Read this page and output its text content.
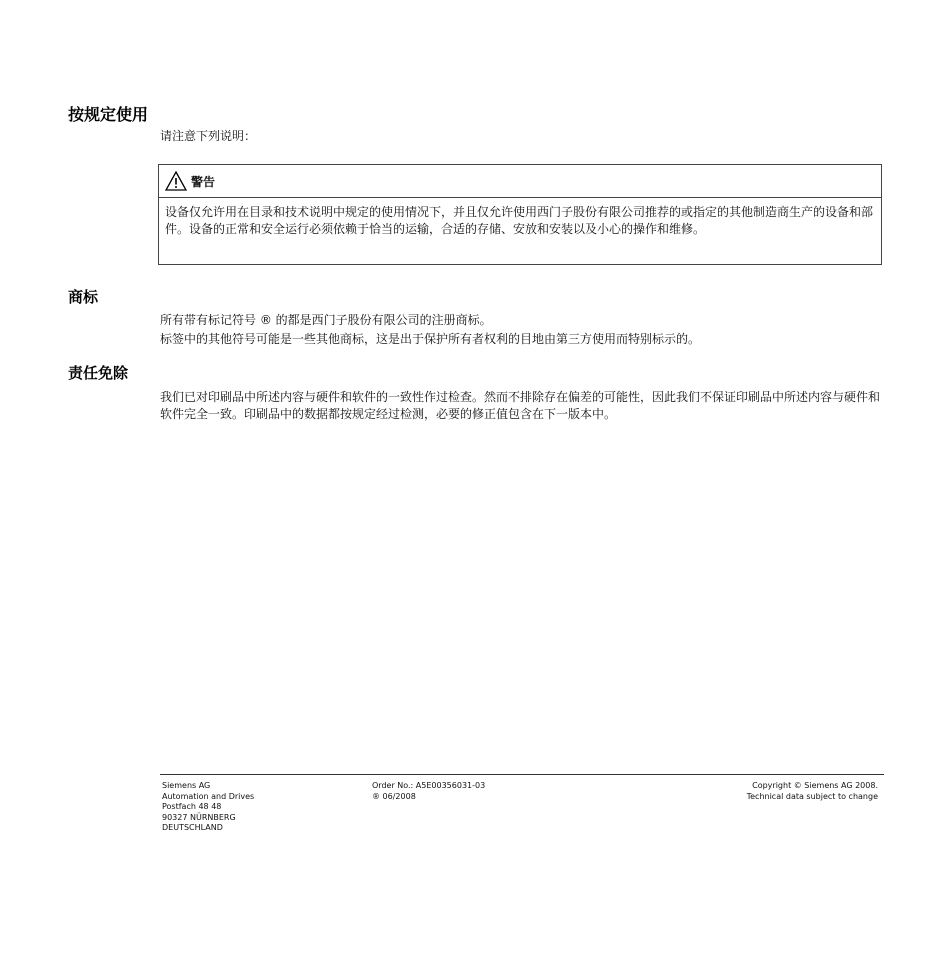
按规定使用

请注意下列说明：

警告
设备仅允许用在目录和技术说明中规定的使用情况下，并且仅允许使用西门子股份有限公司推荐的或指定的其他制造商生产的设备和部件。设备的正常和安全运行必须依赖于恰当的运输，合适的存储、安放和安装以及小心的操作和维修。
商标

所有带有标记符号 ® 的都是西门子股份有限公司的注册商标。

标签中的其他符号可能是一些其他商标，这是出于保护所有者权利的目地由第三方使用而特别标示的。

责任免除

我们已对印刷品中所述内容与硬件和软件的一致性作过检查。然而不排除存在偏差的可能性，因此我们不保证印刷品中所述内容与硬件和软件完全一致。印刷品中的数据都按规定经过检测，必要的修正值包含在下一版本中。

Siemens AG
Automation and Drives
Postfach 48 48
90327 NÜRNBERG
DEUTSCHLAND
Order No.: A5E00356031-03
® 06/2008
Copyright © Siemens AG 2008.
Technical data subject to change
